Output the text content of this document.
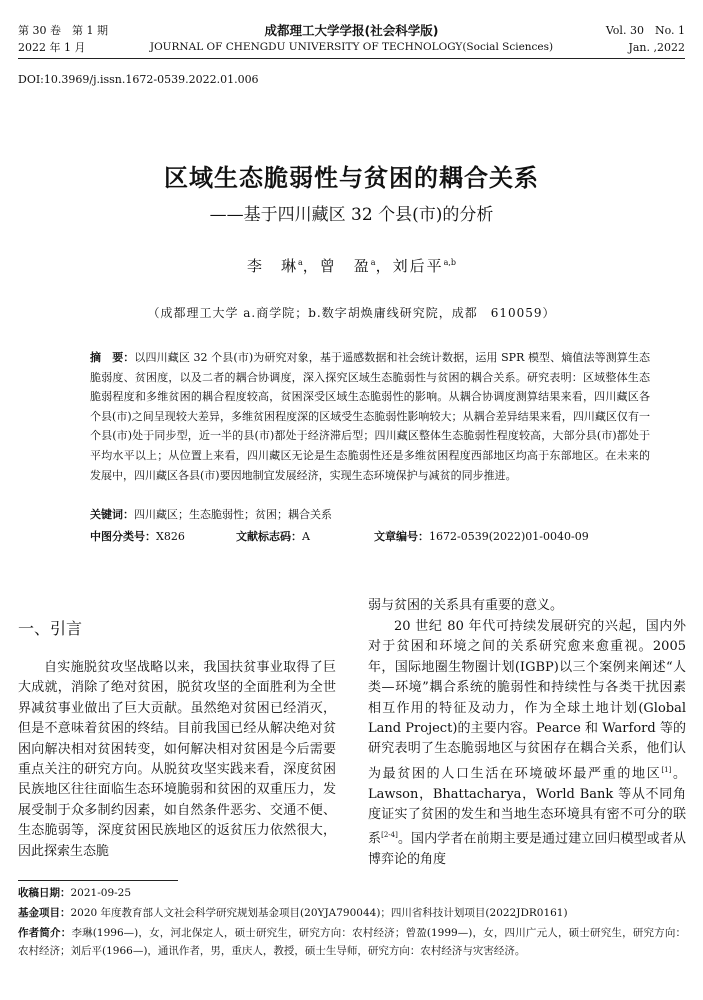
第 30 卷　第 1 期
2022 年 1 月
成都理工大学学报(社会科学版)
JOURNAL OF CHENGDU UNIVERSITY OF TECHNOLOGY(Social Sciences)
Vol. 30　No. 1
Jan. ,2022
DOI:10.3969/j.issn.1672-0539.2022.01.006
区域生态脆弱性与贫困的耦合关系
——基于四川藏区 32 个县(市)的分析
李　琳$^a$，曾　盈$^a$，刘后平$^{a,b}$
（成都理工大学 a.商学院；b.数字胡焕庸线研究院，成都　610059）
摘　要：以四川藏区 32 个县(市)为研究对象，基于遥感数据和社会统计数据，运用 SPR 模型、熵值法等测算生态脆弱度、贫困度，以及二者的耦合协调度，深入探究区域生态脆弱性与贫困的耦合关系。研究表明：区域整体生态脆弱程度和多维贫困的耦合程度较高，贫困深受区域生态脆弱性的影响。从耦合协调度测算结果来看，四川藏区各个县(市)之间呈现较大差异，多维贫困程度深的区域受生态脆弱性影响较大；从耦合差异结果来看，四川藏区仅有一个县(市)处于同步型，近一半的县(市)都处于经济滞后型；四川藏区整体生态脆弱性程度较高，大部分县(市)都处于平均水平以上；从位置上来看，四川藏区无论是生态脆弱性还是多维贫困程度西部地区均高于东部地区。在未来的发展中，四川藏区各县(市)要因地制宜发展经济，实现生态环境保护与减贫的同步推进。
关键词：四川藏区；生态脆弱性；贫困；耦合关系
中图分类号：X826	文献标志码：A	文章编号：1672-0539(2022)01-0040-09
一、引言
自实施脱贫攻坚战略以来，我国扶贫事业取得了巨大成就，消除了绝对贫困，脱贫攻坚的全面胜利为全世界减贫事业做出了巨大贡献。虽然绝对贫困已经消灭，但是不意味着贫困的终结。目前我国已经从解决绝对贫困向解决相对贫困转变，如何解决相对贫困是今后需要重点关注的研究方向。从脱贫攻坚实践来看，深度贫困民族地区往往面临生态环境脆弱和贫困的双重压力，发展受制于众多制约因素，如自然条件恶劣、交通不便、生态脆弱等，深度贫困民族地区的返贫压力依然很大，因此探索生态脆
弱与贫困的关系具有重要的意义。
20 世纪 80 年代可持续发展研究的兴起，国内外对于贫困和环境之间的关系研究愈来愈重视。2005 年，国际地圈生物圈计划(IGBP)以三个案例来阐述“人类—环境”耦合系统的脆弱性和持续性与各类干扰因素相互作用的特征及动力，作为全球土地计划(Global Land Project)的主要内容。Pearce 和 Warford 等的研究表明了生态脆弱地区与贫困存在耦合关系，他们认为最贫困的人口生活在环境破坏最严重的地区[1]。Lawson，Bhattacharya，World Bank 等从不同角度证实了贫困的发生和当地生态环境具有密不可分的联系[2-4]。国内学者在前期主要是通过建立回归模型或者从博弈论的角度
收稿日期：2021-09-25
基金项目：2020 年度教育部人文社会科学研究规划基金项目(20YJA790044)；四川省科技计划项目(2022JDR0161)
作者简介：李琳(1996—)，女，河北保定人，硕士研究生，研究方向：农村经济；曾盈(1999—)，女，四川广元人，硕士研究生，研究方向：农村经济；刘后平(1966—)，通讯作者，男，重庆人，教授，硕士生导师，研究方向：农村经济与灾害经济。
